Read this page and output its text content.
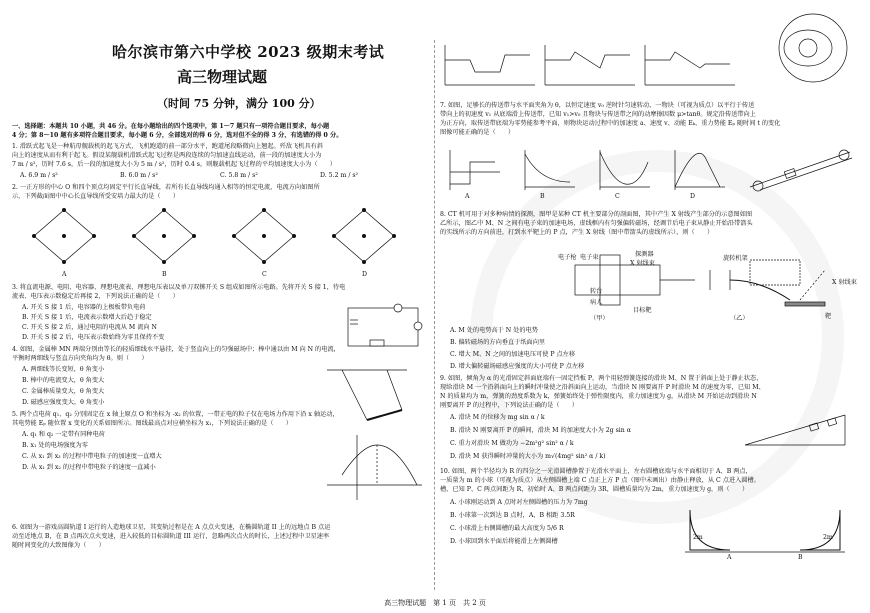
哈尔滨市第六中学校 2023 级期末考试
高三物理试题
（时间 75 分钟，满分 100 分）
一、选择题：本题共 10 小题，共 46 分。在每小题给出的四个选项中，第 1～7 题只有一项符合题目要求，每小题
4 分；第 8～10 题有多项符合题目要求，每小题 6 分，全部选对的得 6 分，选对但不全的得 3 分，有选错的得 0 分。
1. 滑跃式起飞是一种航母舰载机的起飞方式，飞机跑道的前一部分水平，跑道尾段略微向上翘起。歼敌飞机具有斜
向上的速度从而有利于起飞。假设某舰载机滑跃式起飞过程是两段连续的匀加速直线运动，前一段的加速度大小为
7 m / s²，历时 7.6 s，后一段的加速度大小为 5 m / s²，历时 0.4 s，则舰载机起飞过程的平均加速度大小为（　　）
A. 6.9 m / s²	B. 6.0 m / s²	C. 5.8 m / s²	D. 5.2 m / s²
2. 一正方形的中心 O 和四个顶点均固定平行长直导线，若所有长直导线均通入相等的恒定电流，电流方向如图所
示，下列截面图中中心长直导线所受安培力最大的是（　　）
A	B	C	D
3. 将直流电源、电阻、电容器、理想电流表、理想电压表以及单刀双掷开关 S 组成如图所示电路。先将开关 S 接 1，待电
流表、电压表示数稳定后再接 2，下列说法正确的是（　　）
A. 开关 S 接 1 后，电容器的上极板带负电荷
B. 开关 S 接 1 后，电流表示数增大后趋于稳定
C. 开关 S 接 2 后，通过电阻的电流从 M 流向 N
D. 开关 S 接 2 后，电压表示数始终为零且保持不变
4. 如图，金属棒 MN 两端分别由等长的轻质细线水平悬挂，处于竖直向上的匀强磁场中；棒中通以由 M 向 N 的电流，
平衡时两细线与竖直方向夹角均为 θ。则（　　）
A. 两细线等长变短，θ 角变小
B. 棒中的电流变大，θ 角变大
C. 金属棒质量变大，θ 角变大
D. 磁感应强度变大，θ 角变小
5. 两个点电荷 q₁、q₂ 分别固定在 x 轴上原点 O 和坐标为 -x₂ 的位置，一带正电的粒子仅在电场力作用下沿 x 轴运动，
其电势能 Eₚ 随位置 x 变化的关系如图所示。图线最高点对应横坐标为 x₁，下列说法正确的是（　　）
A. q₁ 和 q₂ 一定带有同种电荷
B. x₁ 处的电场强度为零
C. 从 x₁ 到 x₃ 的过程中带电粒子的加速度一直增大
D. 从 x₁ 到 x₂ 的过程中带电粒子的速度一直减小
6. 如图为一游戏高圆轨道 I 运行的人造地球卫星，其变轨过程是在 A 点点火变速，在椭圆轨道 II 上的远地点 B 点运
动至近地点 B，在 B 点再次点火变速，进入较低的目标圆轨道 III 运行，忽略两次点火的时长，上述过程中卫星速率
随时间变化的大致图像为（　　）
7. 如图，足够长的传送带与水平面夹角为 θ，以恒定速度 v₀ 逆时针匀速转动，一物块（可视为质点）以平行于传送
带向上的初速度 v₁ 从底端滑上传送带，已知 v₁>v₀ 且物块与传送带之间的动摩擦因数 μ>tanθ。规定沿传送带向上
为正方向，取传送带底端为零势能参考平面，则物块运动过程中的加速度 a、速度 v、动能 Eₖ、重力势能 Eₚ 随时间 t 的变化
图像可能正确的是（　　）
A	B	C	D
8. CT 机可用于对多种病情的探测，图甲是某种 CT 机主要部分的剖面图，其中产生 X 射线产生部分的示意图如图
乙所示，图乙中 M、N 之间有电子束的加速电场，虚线框内有匀强偏转磁场，经调节后电子束从静止开始沿带箭头
的实线所示的方向前进，打到水平靶上的 P 点，产生 X 射线（图中带箭头的虚线所示），则（　　）
电子枪 电子束	探测器
X 射线束
旋转机架
病人
靶
（甲）	（乙）
转台
目标靶
X 射线束
A. M 处的电势高于 N 处的电势
B. 偏转磁场的方向垂直于纸面向里
C. 增大 M、N 之间的加速电压可使 P 点左移
D. 增大偏转磁场磁感应强度的大小可使 P 点左移
9. 如图，倾角为 α 的光滑固定斜面底端有一固定挡板 P，两个用轻弹簧连接的滑块 M、N 置于斜面上处于静止状态，
现给滑块 M 一个沿斜面向上的瞬时冲量使之沿斜面向上运动，当滑块 N 刚要离开 P 时滑块 M 的速度为零，已知 M、
N 的质量均为 m，弹簧的劲度系数为 k，弹簧始终处于弹性限度内，重力加速度为 g，从滑块 M 开始运动到滑块 N
刚要离开 P 的过程中，下列说法正确的是（　　）
A. 滑块 M 的位移为 mg sin α / k
B. 滑块 N 刚要离开 P 的瞬间，滑块 M 的加速度大小为 2g sin α
C. 重力对滑块 M 做功为 −2m²g² sin² α / k
D. 滑块 M 获得瞬时冲量的大小为 m√(4mg² sin² α / k)
10. 如图，两个半径均为 R 的四分之一光滑圆槽静置于光滑水平面上，左右圆槽底端与水平面相切于 A、B 两点，
一质量为 m 的小球（可视为质点）从左侧圆槽上端 C 点正上方 P 点（图中未画出）由静止释放，从 C 点进入圆槽。
槽，已知 P、C 两点间距为 R，初始时 A、B 两点间距为 3R，圆槽质量均为 2m，重力加速度为 g，则（　　）
A. 小球刚运动到 A 点时对左侧圆槽的压力为 7mg
B. 小球第一次到达 B 点时，A、B 相距 3.5R
C. 小球滑上右侧圆槽的最大高度为 5/6 R
D. 小球回到水平面后将能滑上左侧圆槽
2m	2m
A	B
高三物理试题　第 1 页　共 2 页
